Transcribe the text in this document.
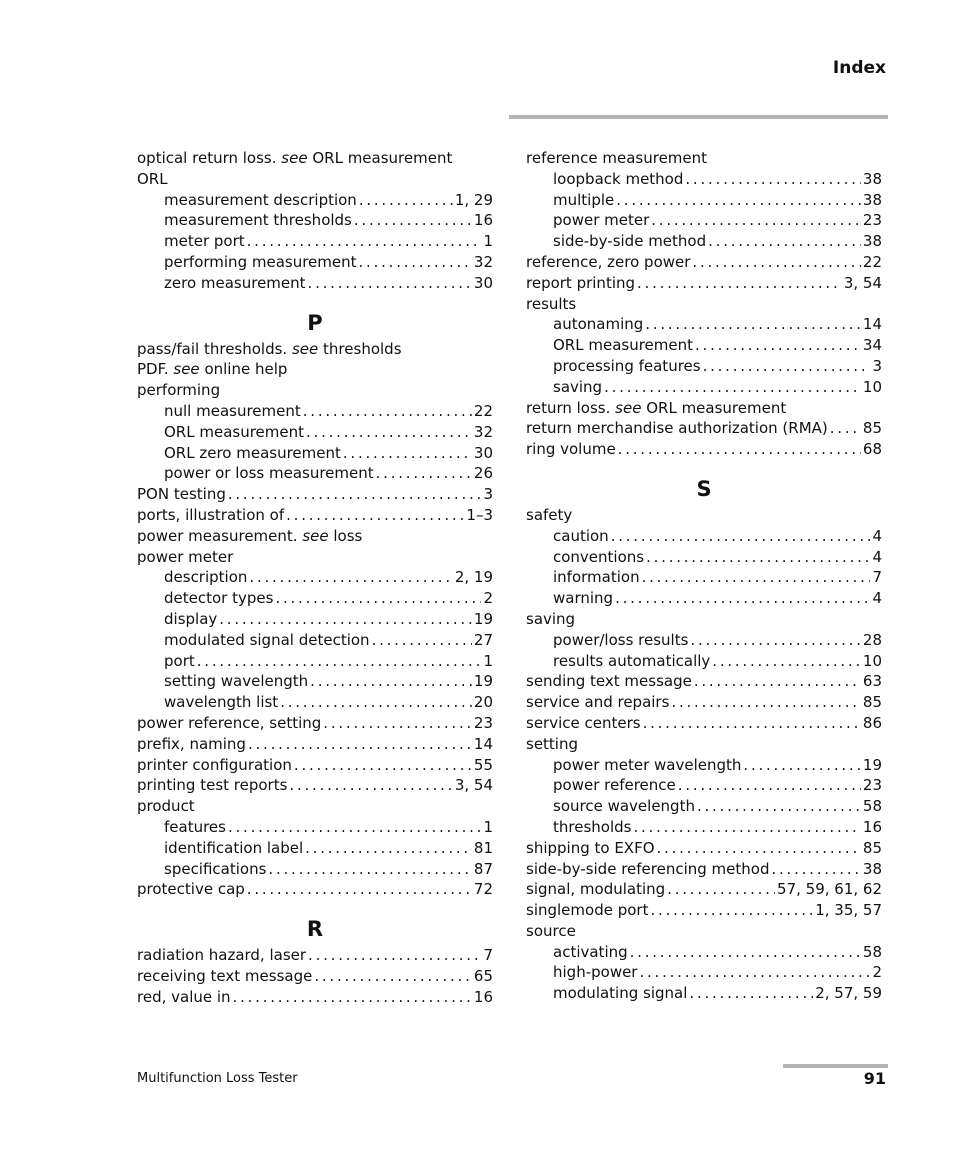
Index
optical return loss. see ORL measurement
ORL
measurement description . . .	1, 29
measurement thresholds . . .	16
meter port . . .	1
performing measurement . . .	32
zero measurement . . .	30
P
pass/fail thresholds. see thresholds
PDF. see online help
performing
null measurement . . .	22
ORL measurement . . .	32
ORL zero measurement . . .	30
power or loss measurement . . .	26
PON testing . . .	3
ports, illustration of . . .	1–3
power measurement. see loss
power meter
description . . .	2, 19
detector types . . .	2
display . . .	19
modulated signal detection . . .	27
port . . .	1
setting wavelength . . .	19
wavelength list . . .	20
power reference, setting . . .	23
prefix, naming . . .	14
printer configuration . . .	55
printing test reports . . .	3, 54
product
features . . .	1
identification label . . .	81
specifications . . .	87
protective cap . . .	72
R
radiation hazard, laser . . .	7
receiving text message . . .	65
red, value in . . .	16
reference measurement
loopback method . . .	38
multiple . . .	38
power meter . . .	23
side-by-side method . . .	38
reference, zero power . . .	22
report printing . . .	3, 54
results
autonaming . . .	14
ORL measurement . . .	34
processing features . . .	3
saving . . .	10
return loss. see ORL measurement
return merchandise authorization (RMA) . . . 85
ring volume . . .	68
S
safety
caution . . .	4
conventions . . .	4
information . . .	7
warning . . .	4
saving
power/loss results . . .	28
results automatically . . .	10
sending text message . . .	63
service and repairs . . .	85
service centers . . .	86
setting
power meter wavelength . . .	19
power reference . . .	23
source wavelength . . .	58
thresholds . . .	16
shipping to EXFO . . .	85
side-by-side referencing method . . .	38
signal, modulating . . .	57, 59, 61, 62
singlemode port . . .	1, 35, 57
source
activating . . .	58
high-power . . .	2
modulating signal . . .	2, 57, 59

Multifunction Loss Tester	91
